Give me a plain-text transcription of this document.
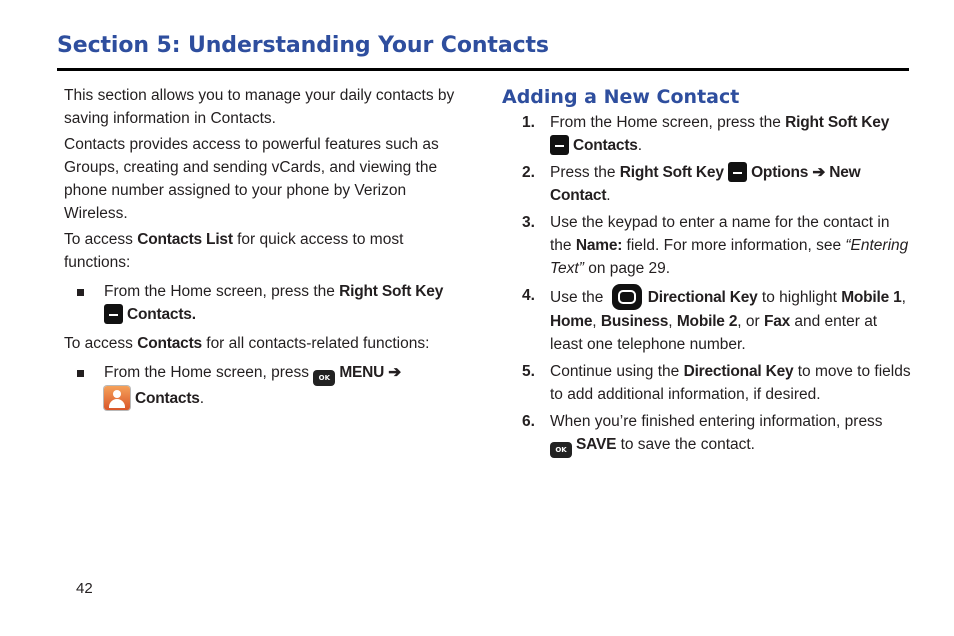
Section 5: Understanding Your Contacts

This section allows you to manage your daily contacts by saving information in Contacts.

Contacts provides access to powerful features such as Groups, creating and sending vCards, and viewing the phone number assigned to your phone by Verizon Wireless.

To access Contacts List for quick access to most functions:

From the Home screen, press the Right Soft Key
Contacts.

To access Contacts for all contacts-related functions:

From the Home screen, press OK MENU ➔
Contacts.

Adding a New Contact

1. From the Home screen, press the Right Soft Key
Contacts.

2. Press the Right Soft Key Options ➔ New Contact.

3. Use the keypad to enter a name for the contact in the Name: field. For more information, see “Entering Text” on page 29.

4. Use the	Directional Key to highlight Mobile 1, Home, Business, Mobile 2, or Fax and enter at least one telephone number.

5. Continue using the Directional Key to move to fields to add additional information, if desired.

6. When you’re finished entering information, press
OK SAVE to save the contact.

42
